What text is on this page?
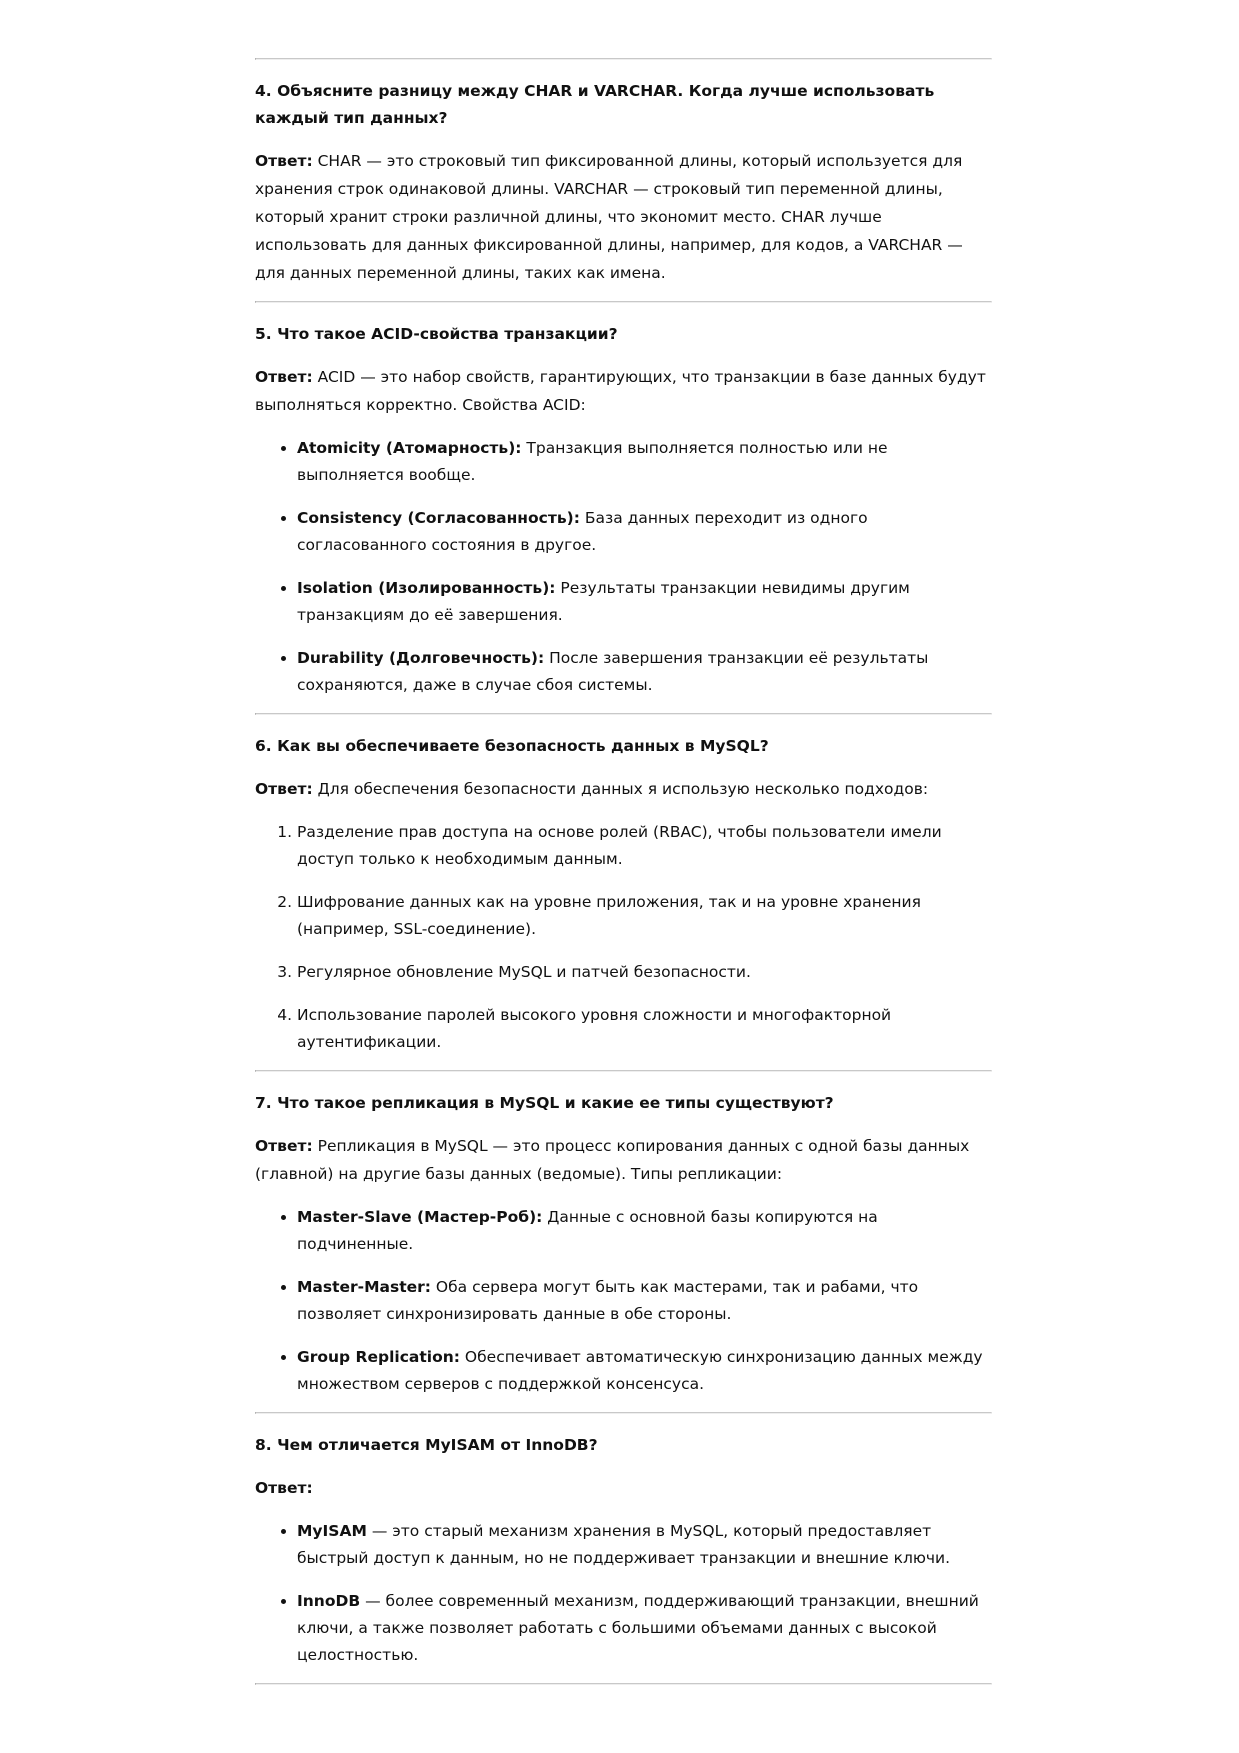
4. Объясните разницу между CHAR и VARCHAR. Когда лучше использовать каждый тип данных?

Ответ: CHAR — это строковый тип фиксированной длины, который используется для хранения строк одинаковой длины. VARCHAR — строковый тип переменной длины, который хранит строки различной длины, что экономит место. CHAR лучше использовать для данных фиксированной длины, например, для кодов, а VARCHAR — для данных переменной длины, таких как имена.

5. Что такое ACID-свойства транзакции?

Ответ: ACID — это набор свойств, гарантирующих, что транзакции в базе данных будут выполняться корректно. Свойства ACID:

• Atomicity (Атомарность): Транзакция выполняется полностью или не выполняется вообще.
• Consistency (Согласованность): База данных переходит из одного согласованного состояния в другое.
• Isolation (Изолированность): Результаты транзакции невидимы другим транзакциям до её завершения.
• Durability (Долговечность): После завершения транзакции её результаты сохраняются, даже в случае сбоя системы.

6. Как вы обеспечиваете безопасность данных в MySQL?

Ответ: Для обеспечения безопасности данных я использую несколько подходов:

1. Разделение прав доступа на основе ролей (RBAC), чтобы пользователи имели доступ только к необходимым данным.
2. Шифрование данных как на уровне приложения, так и на уровне хранения (например, SSL-соединение).
3. Регулярное обновление MySQL и патчей безопасности.
4. Использование паролей высокого уровня сложности и многофакторной аутентификации.

7. Что такое репликация в MySQL и какие ее типы существуют?

Ответ: Репликация в MySQL — это процесс копирования данных с одной базы данных (главной) на другие базы данных (ведомые). Типы репликации:

• Master-Slave (Мастер-Роб): Данные с основной базы копируются на подчиненные.
• Master-Master: Оба сервера могут быть как мастерами, так и рабами, что позволяет синхронизировать данные в обе стороны.
• Group Replication: Обеспечивает автоматическую синхронизацию данных между множеством серверов с поддержкой консенсуса.

8. Чем отличается MyISAM от InnoDB?

Ответ:

• MyISAM — это старый механизм хранения в MySQL, который предоставляет быстрый доступ к данным, но не поддерживает транзакции и внешние ключи.
• InnoDB — более современный механизм, поддерживающий транзакции, внешний ключи, а также позволяет работать с большими объемами данных с высокой целостностью.
